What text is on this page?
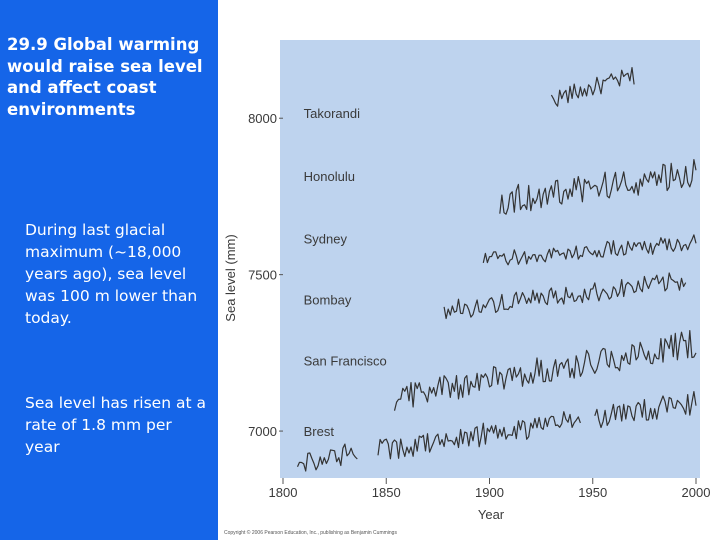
29.9 Global warming would raise sea level and affect coast environments

During last glacial maximum (~18,000 years ago), sea level was 100 m lower than today.

Sea level has risen at a rate of 1.8 mm per year

1800	1850	1900	1950	2000
7000
7500
8000 Takorandi
Honolulu
Sydney
Bombay
San Francisco
Brest
Sea level (mm)
Year
Copyright © 2006 Pearson Education, Inc., publishing as Benjamin Cummings
